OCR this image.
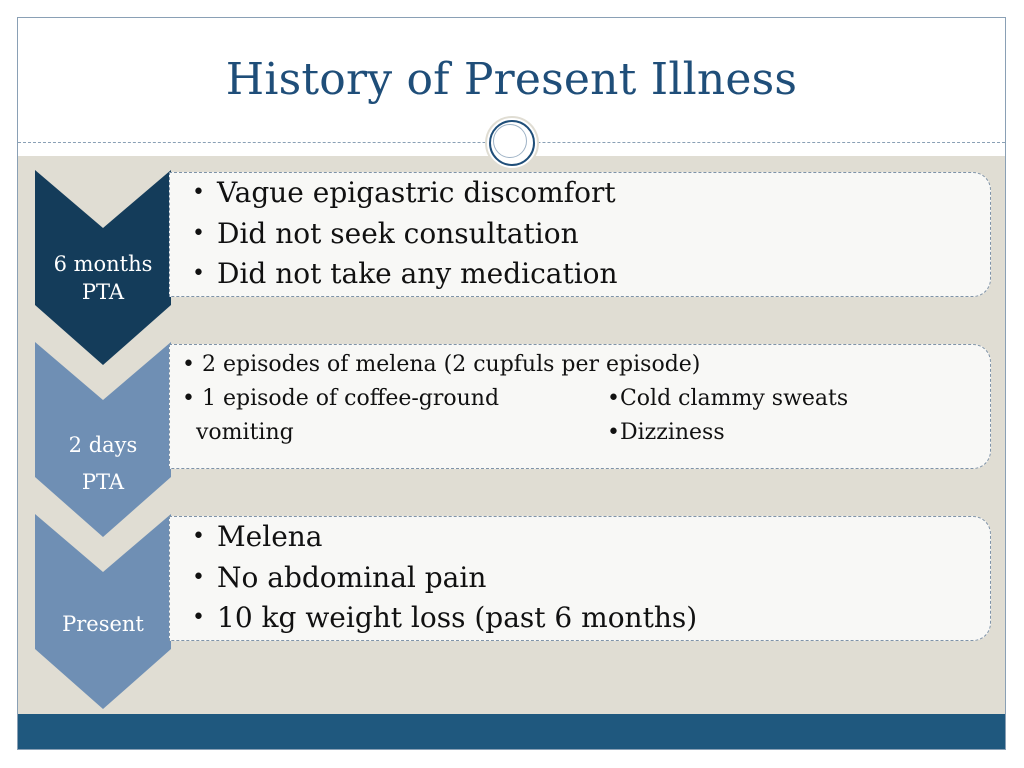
History of Present Illness
6 months
PTA
• Vague epigastric discomfort
• Did not seek consultation
• Did not take any medication
2 days
PTA
• 2 episodes of melena (2 cupfuls per episode)
• 1 episode of coffee-ground
vomiting
•Cold clammy sweats
•Dizziness
Present
• Melena
• No abdominal pain
• 10 kg weight loss (past 6 months)
